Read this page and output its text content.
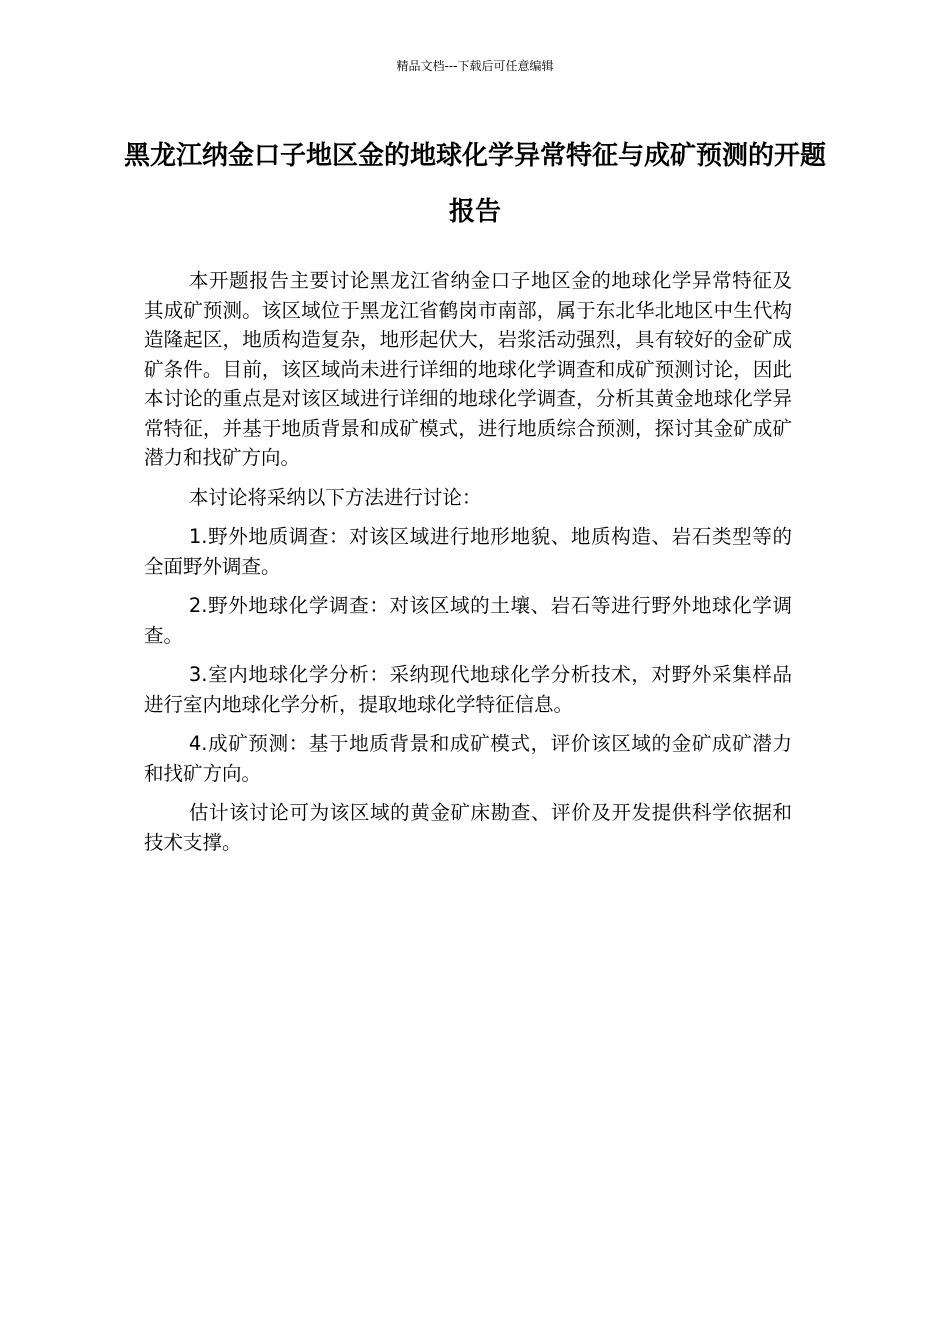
精品文档---下载后可任意编辑
黑龙江纳金口子地区金的地球化学异常特征与成矿预测的开题报告

本开题报告主要讨论黑龙江省纳金口子地区金的地球化学异常特征及其成矿预测。该区域位于黑龙江省鹤岗市南部，属于东北华北地区中生代构造隆起区，地质构造复杂，地形起伏大，岩浆活动强烈，具有较好的金矿成矿条件。目前，该区域尚未进行详细的地球化学调查和成矿预测讨论，因此本讨论的重点是对该区域进行详细的地球化学调查，分析其黄金地球化学异常特征，并基于地质背景和成矿模式，进行地质综合预测，探讨其金矿成矿潜力和找矿方向。

本讨论将采纳以下方法进行讨论：

1.野外地质调查：对该区域进行地形地貌、地质构造、岩石类型等的全面野外调查。

2.野外地球化学调查：对该区域的土壤、岩石等进行野外地球化学调查。

3.室内地球化学分析：采纳现代地球化学分析技术，对野外采集样品进行室内地球化学分析，提取地球化学特征信息。

4.成矿预测：基于地质背景和成矿模式，评价该区域的金矿成矿潜力和找矿方向。

估计该讨论可为该区域的黄金矿床勘查、评价及开发提供科学依据和技术支撑。
